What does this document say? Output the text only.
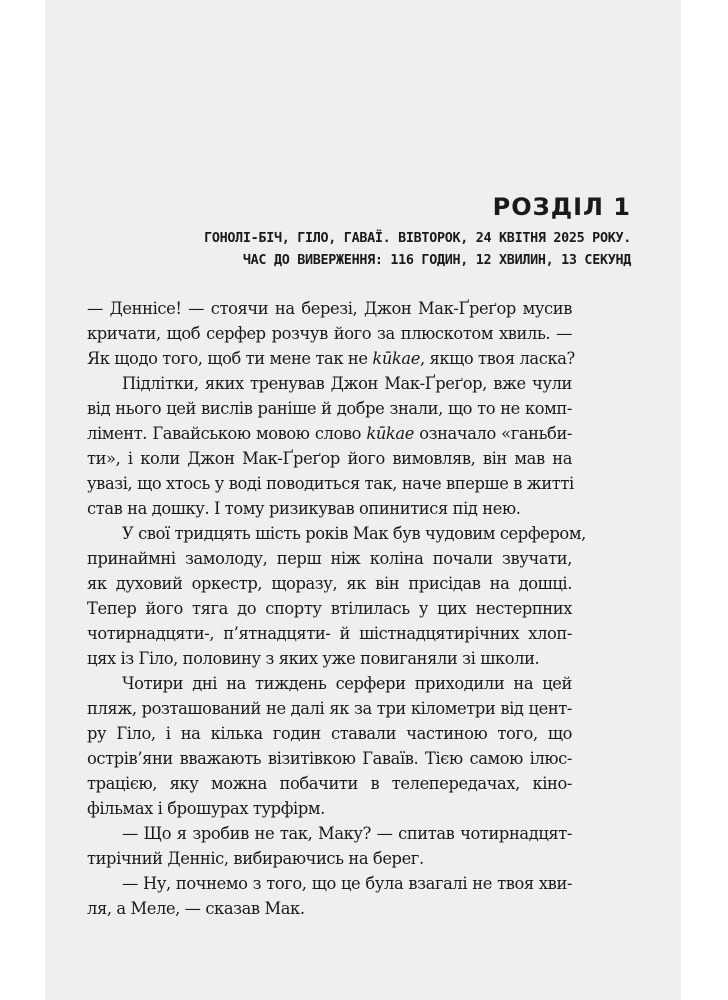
РОЗДІЛ 1

ГОНОЛІ-БІЧ, ГІЛО, ГАВАЇ. ВІВТОРОК, 24 КВІТНЯ 2025 РОКУ.

ЧАС ДО ВИВЕРЖЕННЯ: 116 ГОДИН, 12 ХВИЛИН, 13 СЕКУНД

— Деннісе! — стоячи на березі, Джон Мак-Ґреґор мусив

кричати, щоб серфер розчув його за плюскотом хвиль. —

Як щодо того, щоб ти мене так не kūkae, якщо твоя ласка?

Підлітки, яких тренував Джон Мак-Ґреґор, вже чули

від нього цей вислів раніше й добре знали, що то не комп-

лімент. Гавайською мовою слово kūkae означало «ганьби-

ти», і коли Джон Мак-Ґреґор його вимовляв, він мав на

увазі, що хтось у воді поводиться так, наче вперше в житті

став на дошку. І тому ризикував опинитися під нею.

У свої тридцять шість років Мак був чудовим серфером,

принаймні замолоду, перш ніж коліна почали звучати,

як духовий оркестр, щоразу, як він присідав на дошці.

Тепер його тяга до спорту втілилась у цих нестерпних

чотирнадцяти-, п’ятнадцяти- й шістнадцятирічних хлоп-

цях із Гіло, половину з яких уже повиганяли зі школи.

Чотири дні на тиждень серфери приходили на цей

пляж, розташований не далі як за три кілометри від цент-

ру Гіло, і на кілька годин ставали частиною того, що

острів’яни вважають візитівкою Гаваїв. Тією самою ілюс-

трацією, яку можна побачити в телепередачах, кіно-

фільмах і брошурах турфірм.

— Що я зробив не так, Маку? — спитав чотирнадцят-

тирічний Денніс, вибираючись на берег.

— Ну, почнемо з того, що це була взагалі не твоя хви-

ля, а Меле, — сказав Мак.
